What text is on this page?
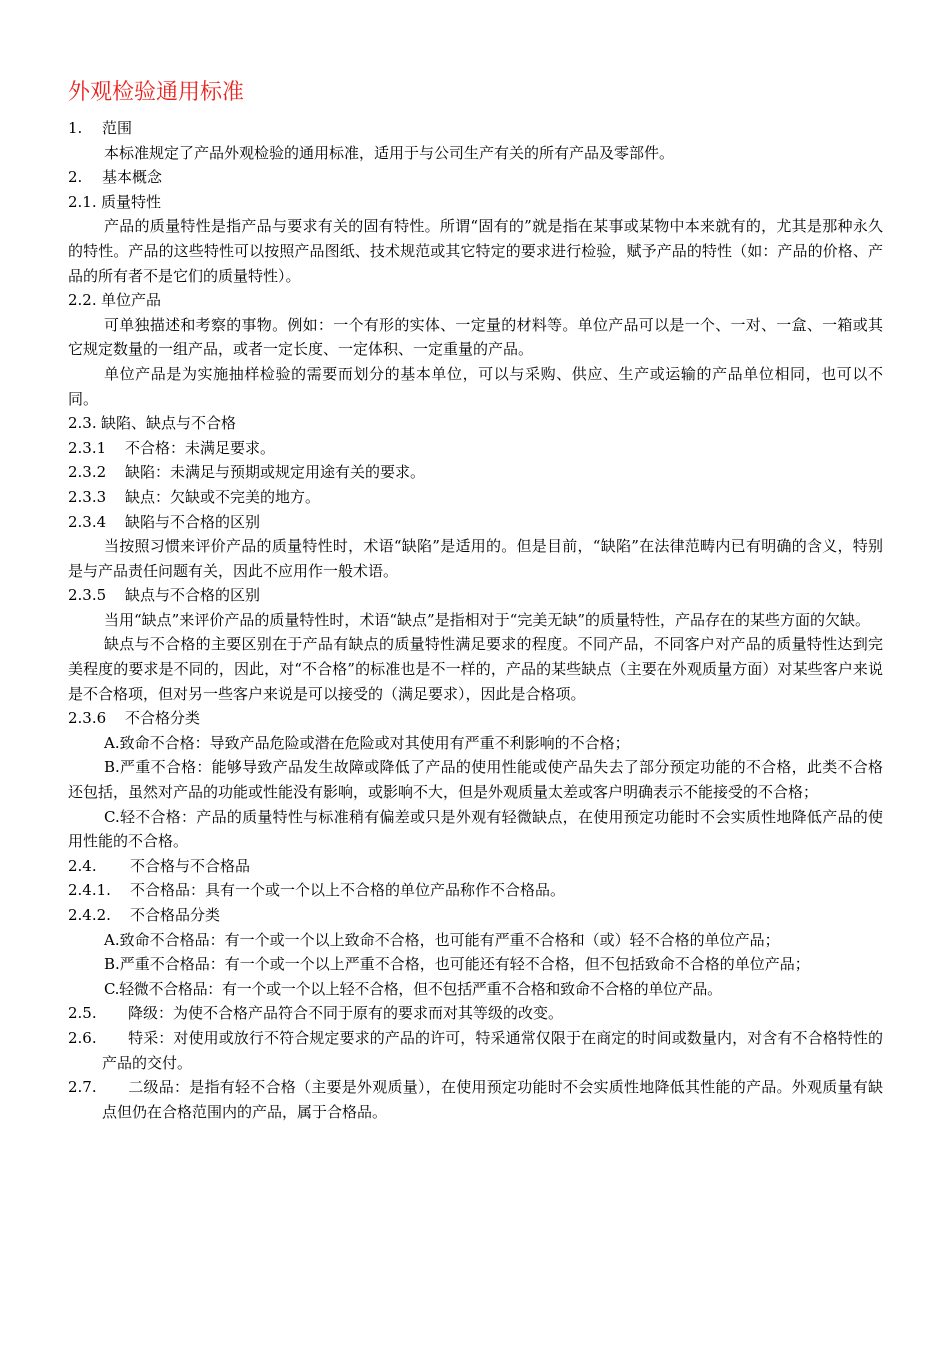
外观检验通用标准
1. 范围
本标准规定了产品外观检验的通用标准，适用于与公司生产有关的所有产品及零部件。
2. 基本概念
2.1. 质量特性
产品的质量特性是指产品与要求有关的固有特性。所谓“固有的”就是指在某事或某物中本来就有的，尤其是那种永久的特性。产品的这些特性可以按照产品图纸、技术规范或其它特定的要求进行检验，赋予产品的特性（如：产品的价格、产品的所有者不是它们的质量特性）。
2.2. 单位产品
可单独描述和考察的事物。例如：一个有形的实体、一定量的材料等。单位产品可以是一个、一对、一盒、一箱或其它规定数量的一组产品，或者一定长度、一定体积、一定重量的产品。
单位产品是为实施抽样检验的需要而划分的基本单位，可以与采购、供应、生产或运输的产品单位相同，也可以不同。
2.3. 缺陷、缺点与不合格
2.3.1 不合格：未满足要求。
2.3.2 缺陷：未满足与预期或规定用途有关的要求。
2.3.3 缺点：欠缺或不完美的地方。
2.3.4 缺陷与不合格的区别
当按照习惯来评价产品的质量特性时，术语“缺陷”是适用的。但是目前，“缺陷”在法律范畴内已有明确的含义，特别是与产品责任问题有关，因此不应用作一般术语。
2.3.5 缺点与不合格的区别
当用“缺点”来评价产品的质量特性时，术语“缺点”是指相对于“完美无缺”的质量特性，产品存在的某些方面的欠缺。
缺点与不合格的主要区别在于产品有缺点的质量特性满足要求的程度。不同产品，不同客户对产品的质量特性达到完美程度的要求是不同的，因此，对“不合格”的标准也是不一样的，产品的某些缺点（主要在外观质量方面）对某些客户来说是不合格项，但对另一些客户来说是可以接受的（满足要求），因此是合格项。
2.3.6 不合格分类
A.致命不合格：导致产品危险或潜在危险或对其使用有严重不利影响的不合格；
B.严重不合格：能够导致产品发生故障或降低了产品的使用性能或使产品失去了部分预定功能的不合格，此类不合格还包括，虽然对产品的功能或性能没有影响，或影响不大，但是外观质量太差或客户明确表示不能接受的不合格；
C.轻不合格：产品的质量特性与标准稍有偏差或只是外观有轻微缺点，在使用预定功能时不会实质性地降低产品的使用性能的不合格。
2.4. 不合格与不合格品
2.4.1. 不合格品：具有一个或一个以上不合格的单位产品称作不合格品。
2.4.2. 不合格品分类
A.致命不合格品：有一个或一个以上致命不合格，也可能有严重不合格和（或）轻不合格的单位产品；
B.严重不合格品：有一个或一个以上严重不合格，也可能还有轻不合格，但不包括致命不合格的单位产品；
C.轻微不合格品：有一个或一个以上轻不合格，但不包括严重不合格和致命不合格的单位产品。
2.5. 降级：为使不合格产品符合不同于原有的要求而对其等级的改变。
2.6. 特采：对使用或放行不符合规定要求的产品的许可，特采通常仅限于在商定的时间或数量内，对含有不合格特性的产品的交付。
2.7. 二级品：是指有轻不合格（主要是外观质量），在使用预定功能时不会实质性地降低其性能的产品。外观质量有缺点但仍在合格范围内的产品，属于合格品。
